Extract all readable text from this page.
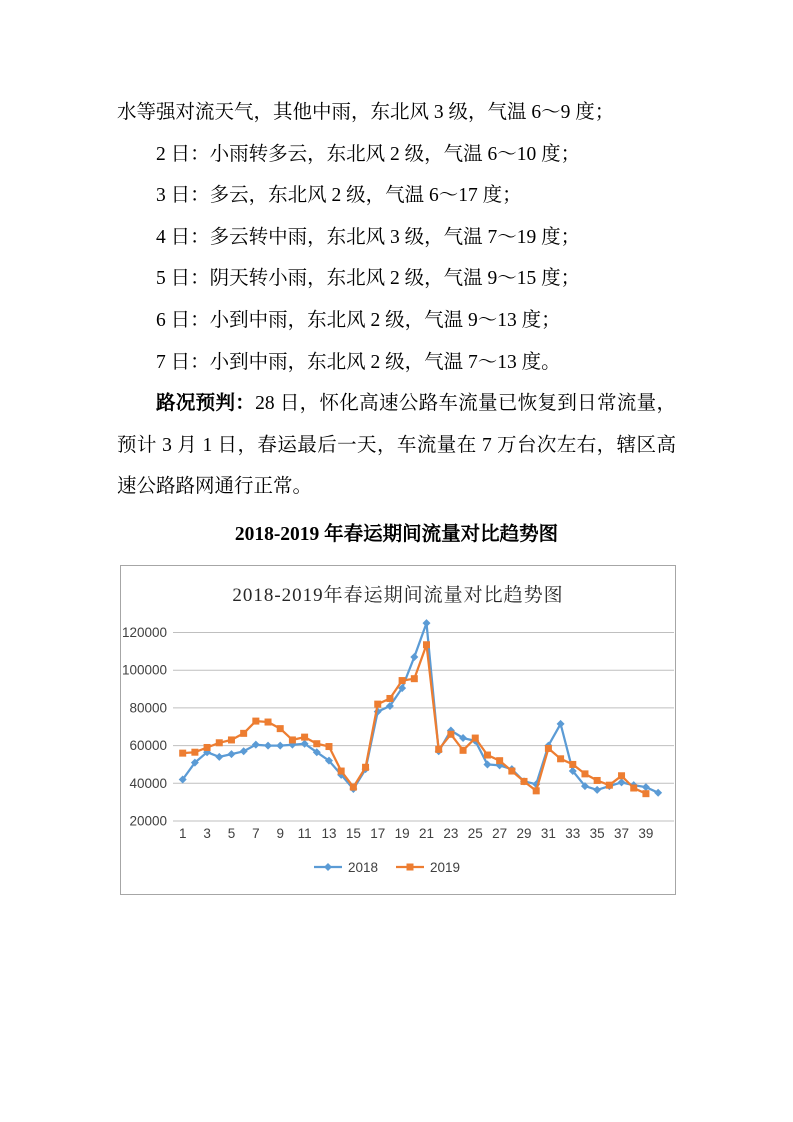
水等强对流天气，其他中雨，东北风 3 级，气温 6～9 度；

2 日：小雨转多云，东北风 2 级，气温 6～10 度；

3 日：多云，东北风 2 级，气温 6～17 度；

4 日：多云转中雨，东北风 3 级，气温 7～19 度；

5 日：阴天转小雨，东北风 2 级，气温 9～15 度；

6 日：小到中雨，东北风 2 级，气温 9～13 度；

7 日：小到中雨，东北风 2 级，气温 7～13 度。

路况预判：28 日，怀化高速公路车流量已恢复到日常流量，预计 3 月 1 日，春运最后一天，车流量在 7 万台次左右，辖区高速公路路网通行正常。

2018-2019 年春运期间流量对比趋势图

20000
40000
60000
80000
100000
120000
1 3 5 7 9 11 13 15 17 19 21 23 25 27 29 31 33 35 37 39
2018	2019
2018-2019年春运期间流量对比趋势图
